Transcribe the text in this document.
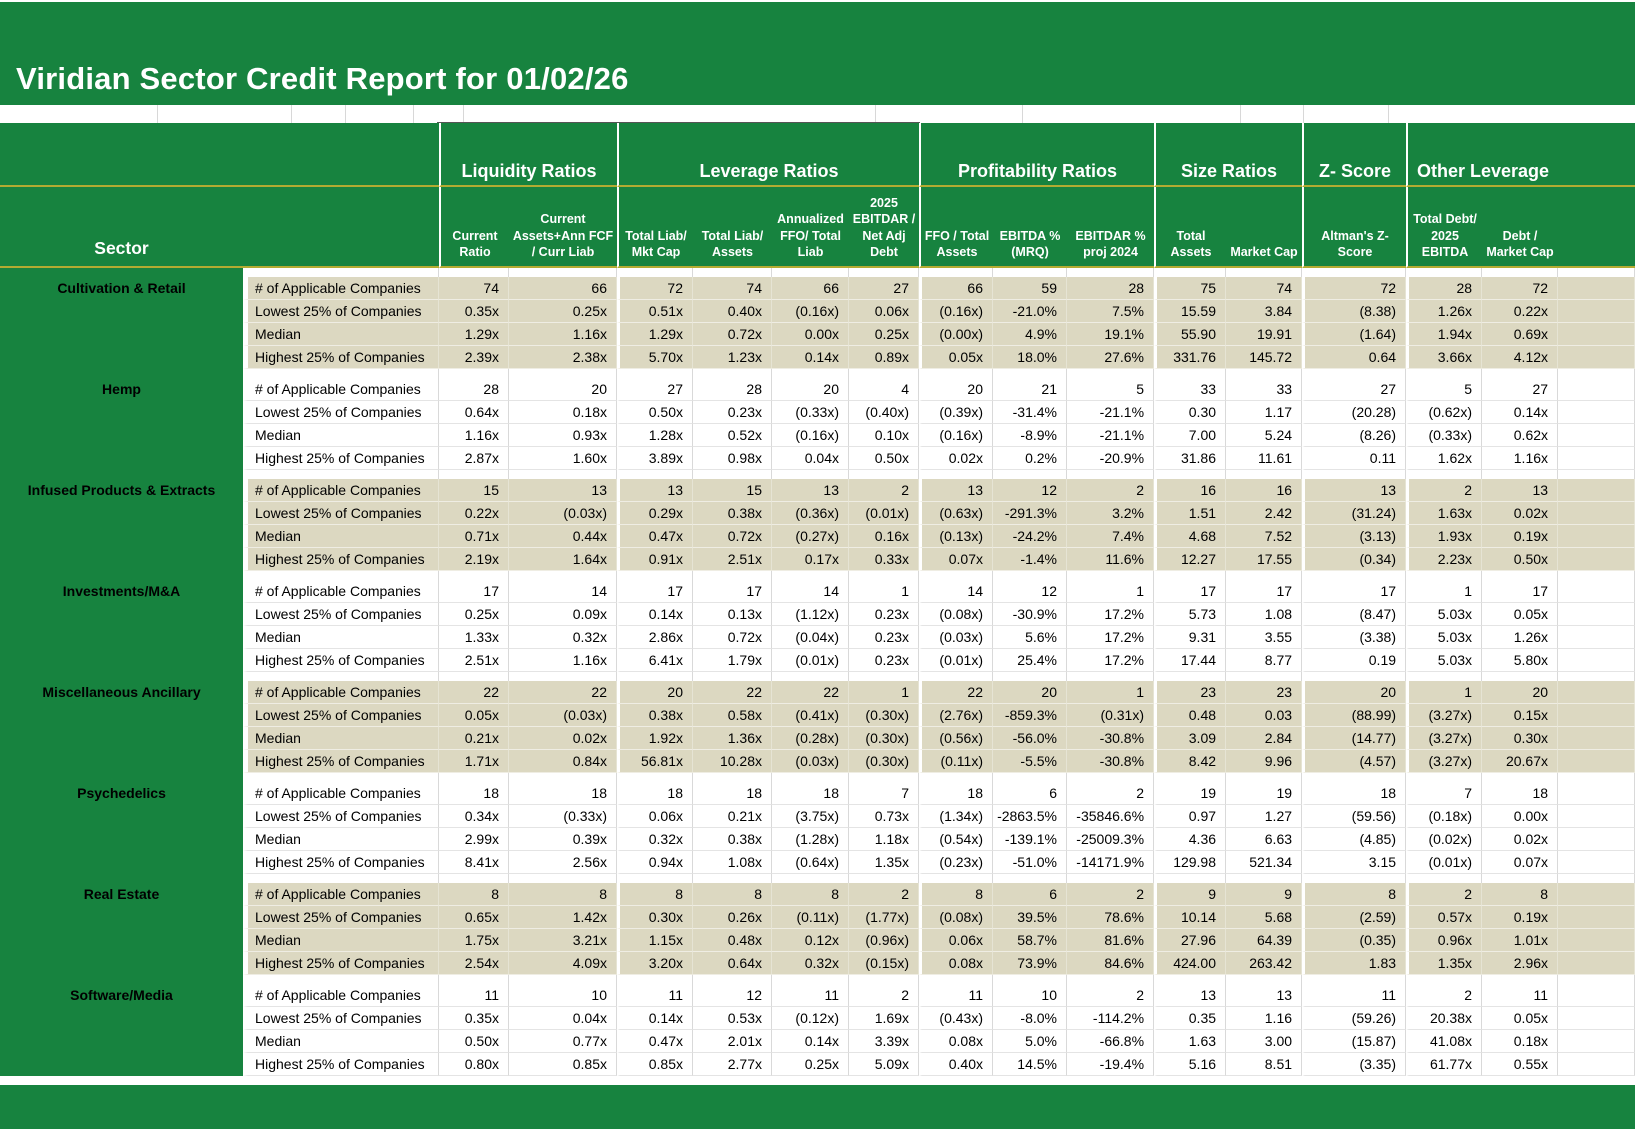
Viridian Sector Credit Report for 01/02/26
		Liquidity Ratios		Leverage Ratios				Profitability Ratios			Size Ratios		Z- Score	Other Leverage		
Sector		Current Ratio	Current Assets+Ann FCF / Curr Liab	Total Liab/ Mkt Cap	Total Liab/ Assets	Annualized FFO/ Total Liab	2025 EBITDAR / Net Adj Debt	FFO / Total Assets	EBITDA % (MRQ)	EBITDAR % proj 2024	Total Assets	Market Cap	Altman's Z- Score	Total Debt/ 2025 EBITDA	Debt / Market Cap	

Cultivation & Retail	# of Applicable Companies	74	66	72	74	66	27	66	59	28	75	74	72	28	72	
	Lowest 25% of Companies	0.35x	0.25x	0.51x	0.40x	(0.16x)	0.06x	(0.16x)	-21.0%	7.5%	15.59	3.84	(8.38)	1.26x	0.22x	
	Median	1.29x	1.16x	1.29x	0.72x	0.00x	0.25x	(0.00x)	4.9%	19.1%	55.90	19.91	(1.64)	1.94x	0.69x	
	Highest 25% of Companies	2.39x	2.38x	5.70x	1.23x	0.14x	0.89x	0.05x	18.0%	27.6%	331.76	145.72	0.64	3.66x	4.12x	

Hemp	# of Applicable Companies	28	20	27	28	20	4	20	21	5	33	33	27	5	27	
	Lowest 25% of Companies	0.64x	0.18x	0.50x	0.23x	(0.33x)	(0.40x)	(0.39x)	-31.4%	-21.1%	0.30	1.17	(20.28)	(0.62x)	0.14x	
	Median	1.16x	0.93x	1.28x	0.52x	(0.16x)	0.10x	(0.16x)	-8.9%	-21.1%	7.00	5.24	(8.26)	(0.33x)	0.62x	
	Highest 25% of Companies	2.87x	1.60x	3.89x	0.98x	0.04x	0.50x	0.02x	0.2%	-20.9%	31.86	11.61	0.11	1.62x	1.16x	

Infused Products & Extracts	# of Applicable Companies	15	13	13	15	13	2	13	12	2	16	16	13	2	13	
	Lowest 25% of Companies	0.22x	(0.03x)	0.29x	0.38x	(0.36x)	(0.01x)	(0.63x)	-291.3%	3.2%	1.51	2.42	(31.24)	1.63x	0.02x	
	Median	0.71x	0.44x	0.47x	0.72x	(0.27x)	0.16x	(0.13x)	-24.2%	7.4%	4.68	7.52	(3.13)	1.93x	0.19x	
	Highest 25% of Companies	2.19x	1.64x	0.91x	2.51x	0.17x	0.33x	0.07x	-1.4%	11.6%	12.27	17.55	(0.34)	2.23x	0.50x	

Investments/M&A	# of Applicable Companies	17	14	17	17	14	1	14	12	1	17	17	17	1	17	
	Lowest 25% of Companies	0.25x	0.09x	0.14x	0.13x	(1.12x)	0.23x	(0.08x)	-30.9%	17.2%	5.73	1.08	(8.47)	5.03x	0.05x	
	Median	1.33x	0.32x	2.86x	0.72x	(0.04x)	0.23x	(0.03x)	5.6%	17.2%	9.31	3.55	(3.38)	5.03x	1.26x	
	Highest 25% of Companies	2.51x	1.16x	6.41x	1.79x	(0.01x)	0.23x	(0.01x)	25.4%	17.2%	17.44	8.77	0.19	5.03x	5.80x	

Miscellaneous Ancillary	# of Applicable Companies	22	22	20	22	22	1	22	20	1	23	23	20	1	20	
	Lowest 25% of Companies	0.05x	(0.03x)	0.38x	0.58x	(0.41x)	(0.30x)	(2.76x)	-859.3%	(0.31x)	0.48	0.03	(88.99)	(3.27x)	0.15x	
	Median	0.21x	0.02x	1.92x	1.36x	(0.28x)	(0.30x)	(0.56x)	-56.0%	-30.8%	3.09	2.84	(14.77)	(3.27x)	0.30x	
	Highest 25% of Companies	1.71x	0.84x	56.81x	10.28x	(0.03x)	(0.30x)	(0.11x)	-5.5%	-30.8%	8.42	9.96	(4.57)	(3.27x)	20.67x	

Psychedelics	# of Applicable Companies	18	18	18	18	18	7	18	6	2	19	19	18	7	18	
	Lowest 25% of Companies	0.34x	(0.33x)	0.06x	0.21x	(3.75x)	0.73x	(1.34x)	-2863.5%	-35846.6%	0.97	1.27	(59.56)	(0.18x)	0.00x	
	Median	2.99x	0.39x	0.32x	0.38x	(1.28x)	1.18x	(0.54x)	-139.1%	-25009.3%	4.36	6.63	(4.85)	(0.02x)	0.02x	
	Highest 25% of Companies	8.41x	2.56x	0.94x	1.08x	(0.64x)	1.35x	(0.23x)	-51.0%	-14171.9%	129.98	521.34	3.15	(0.01x)	0.07x	

Real Estate	# of Applicable Companies	8	8	8	8	8	2	8	6	2	9	9	8	2	8	
	Lowest 25% of Companies	0.65x	1.42x	0.30x	0.26x	(0.11x)	(1.77x)	(0.08x)	39.5%	78.6%	10.14	5.68	(2.59)	0.57x	0.19x	
	Median	1.75x	3.21x	1.15x	0.48x	0.12x	(0.96x)	0.06x	58.7%	81.6%	27.96	64.39	(0.35)	0.96x	1.01x	
	Highest 25% of Companies	2.54x	4.09x	3.20x	0.64x	0.32x	(0.15x)	0.08x	73.9%	84.6%	424.00	263.42	1.83	1.35x	2.96x	

Software/Media	# of Applicable Companies	11	10	11	12	11	2	11	10	2	13	13	11	2	11	
	Lowest 25% of Companies	0.35x	0.04x	0.14x	0.53x	(0.12x)	1.69x	(0.43x)	-8.0%	-114.2%	0.35	1.16	(59.26)	20.38x	0.05x	
	Median	0.50x	0.77x	0.47x	2.01x	0.14x	3.39x	0.08x	5.0%	-66.8%	1.63	3.00	(15.87)	41.08x	0.18x	
	Highest 25% of Companies	0.80x	0.85x	0.85x	2.77x	0.25x	5.09x	0.40x	14.5%	-19.4%	5.16	8.51	(3.35)	61.77x	0.55x	
